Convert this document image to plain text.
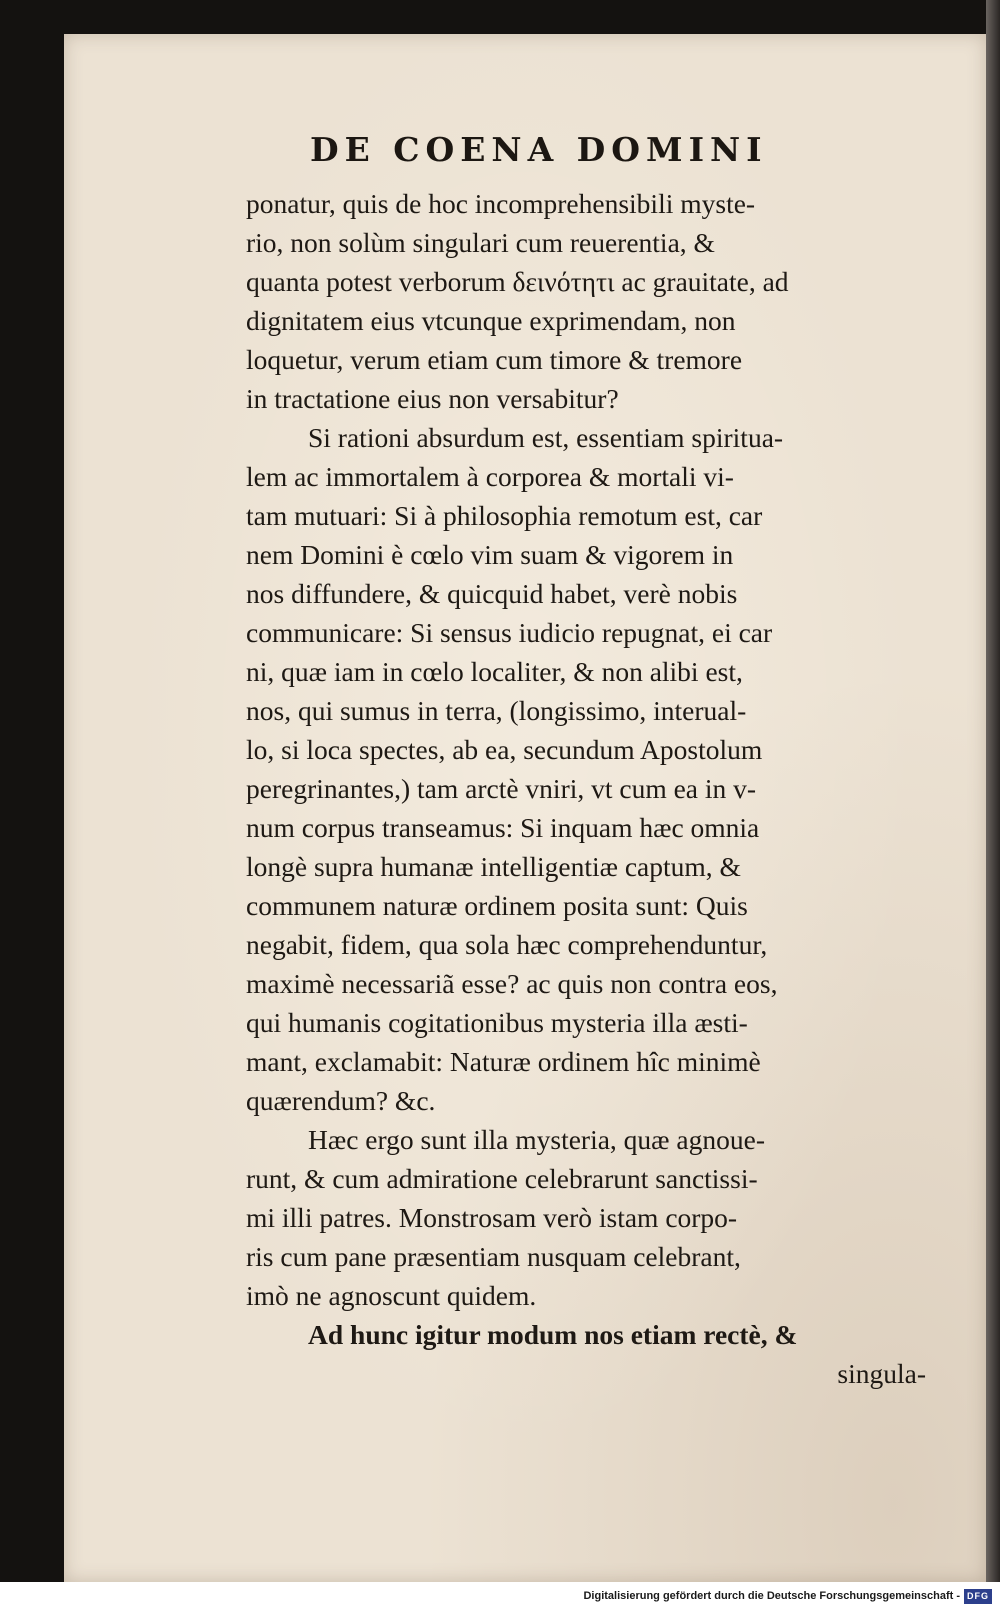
DE COENA DOMINI
ponatur, quis de hoc incomprehensibili myste-
rio, non solùm singulari cum reuerentia, &
quanta potest verborum δεινότητι ac grauitate, ad
dignitatem eius vtcunque exprimendam, non
loquetur, verum etiam cum timore & tremore
in tractatione eius non versabitur?
Si rationi absurdum est, essentiam spiritua-
lem ac immortalem à corporea & mortali vi-
tam mutuari: Si à philosophia remotum est, car
nem Domini è cœlo vim suam & vigorem in
nos diffundere, & quicquid habet, verè nobis
communicare: Si sensus iudicio repugnat, ei car
ni, quæ iam in cœlo localiter, & non alibi est,
nos, qui sumus in terra, (longissimo, interual-
lo, si loca spectes, ab ea, secundum Apostolum
peregrinantes,) tam arctè vniri, vt cum ea in v-
num corpus transeamus: Si inquam hæc omnia
longè supra humanæ intelligentiæ captum, &
communem naturæ ordinem posita sunt: Quis
negabit, fidem, qua sola hæc comprehenduntur,
maximè necessariã esse? ac quis non contra eos,
qui humanis cogitationibus mysteria illa æsti-
mant, exclamabit: Naturæ ordinem hîc minimè
quærendum? &c.
Hæc ergo sunt illa mysteria, quæ agnoue-
runt, & cum admiratione celebrarunt sanctissi-
mi illi patres. Monstrosam verò istam corpo-
ris cum pane præsentiam nusquam celebrant,
imò ne agnoscunt quidem.
Ad hunc igitur modum nos etiam rectè, &
singula-
Digitalisierung gefördert durch die Deutsche Forschungsgemeinschaft - DFG
